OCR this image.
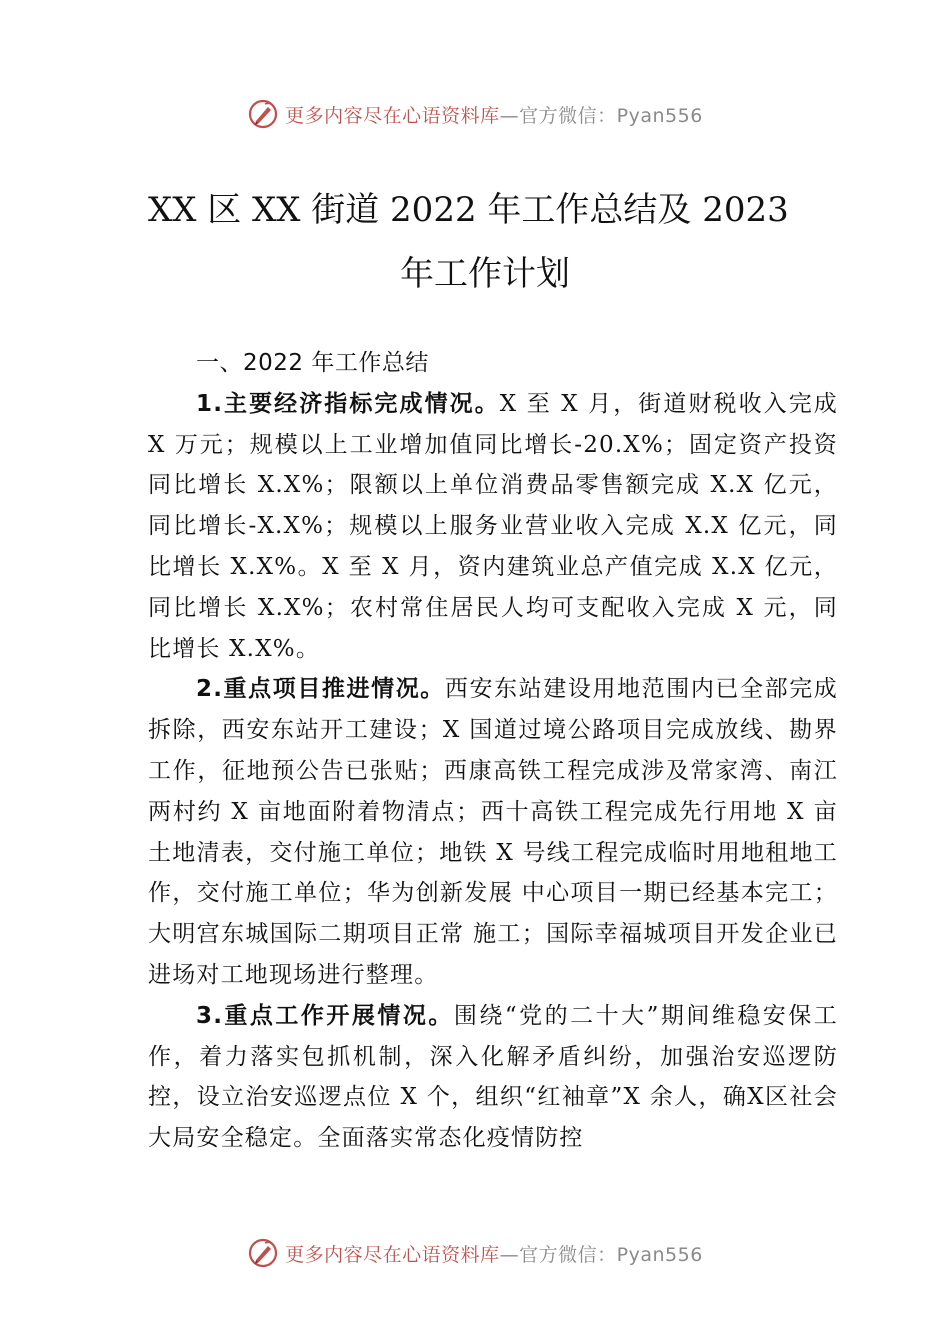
更多内容尽在心语资料库 —官方微信：Pyan556
XX 区 XX 街道 2022 年工作总结及 2023
年工作计划

一、2022 年工作总结

1.主要经济指标完成情况。X 至 X 月，街道财税收入完成 X 万元；规模以上工业增加值同比增长-20.X%；固定资产投资同比增长 X.X%；限额以上单位消费品零售额完成 X.X 亿元，同比增长-X.X%；规模以上服务业营业收入完成 X.X 亿元，同比增长 X.X%。X 至 X 月，资内建筑业总产值完成 X.X 亿元，同比增长 X.X%；农村常住居民人均可支配收入完成 X 元，同比增长 X.X%。

2.重点项目推进情况。西安东站建设用地范围内已全部完成拆除，西安东站开工建设；X 国道过境公路项目完成放线、勘界工作，征地预公告已张贴；西康高铁工程完成涉及常家湾、南江两村约 X 亩地面附着物清点；西十高铁工程完成先行用地 X 亩土地清表，交付施工单位；地铁 X 号线工程完成临时用地租地工作，交付施工单位；华为创新发展 中心项目一期已经基本完工；大明宫东城国际二期项目正常 施工；国际幸福城项目开发企业已进场对工地现场进行整理。

3.重点工作开展情况。围绕“党的二十大”期间维稳安保工作，着力落实包抓机制，深入化解矛盾纠纷，加强治安巡逻防控，设立治安巡逻点位 X 个，组织“红袖章”X 余人，确X区社会大局安全稳定。全面落实常态化疫情防控

更多内容尽在心语资料库 —官方微信：Pyan556
